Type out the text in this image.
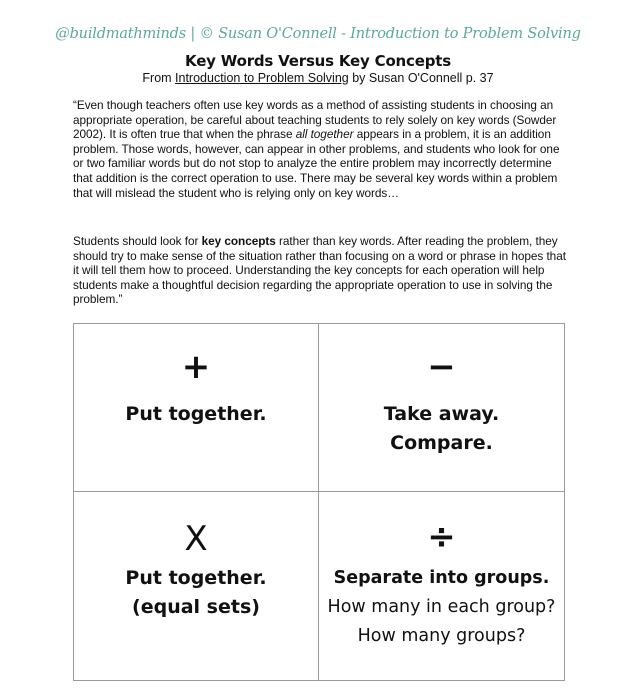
@buildmathminds | © Susan O'Connell - Introduction to Problem Solving
Key Words Versus Key Concepts
From Introduction to Problem Solving by Susan O'Connell p. 37
“Even though teachers often use key words as a method of assisting students in choosing an appropriate operation, be careful about teaching students to rely solely on key words (Sowder 2002). It is often true that when the phrase all together appears in a problem, it is an addition problem. Those words, however, can appear in other problems, and students who look for one or two familiar words but do not stop to analyze the entire problem may incorrectly determine that addition is the correct operation to use. There may be several key words within a problem that will mislead the student who is relying only on key words…
Students should look for key concepts rather than key words. After reading the problem, they should try to make sense of the situation rather than focusing on a word or phrase in hopes that it will tell them how to proceed. Understanding the key concepts for each operation will help students make a thoughtful decision regarding the appropriate operation to use in solving the problem.”
+
Put together.
−
Take away.
Compare.
X
Put together.
(equal sets)
÷
Separate into groups.
How many in each group?
How many groups?
